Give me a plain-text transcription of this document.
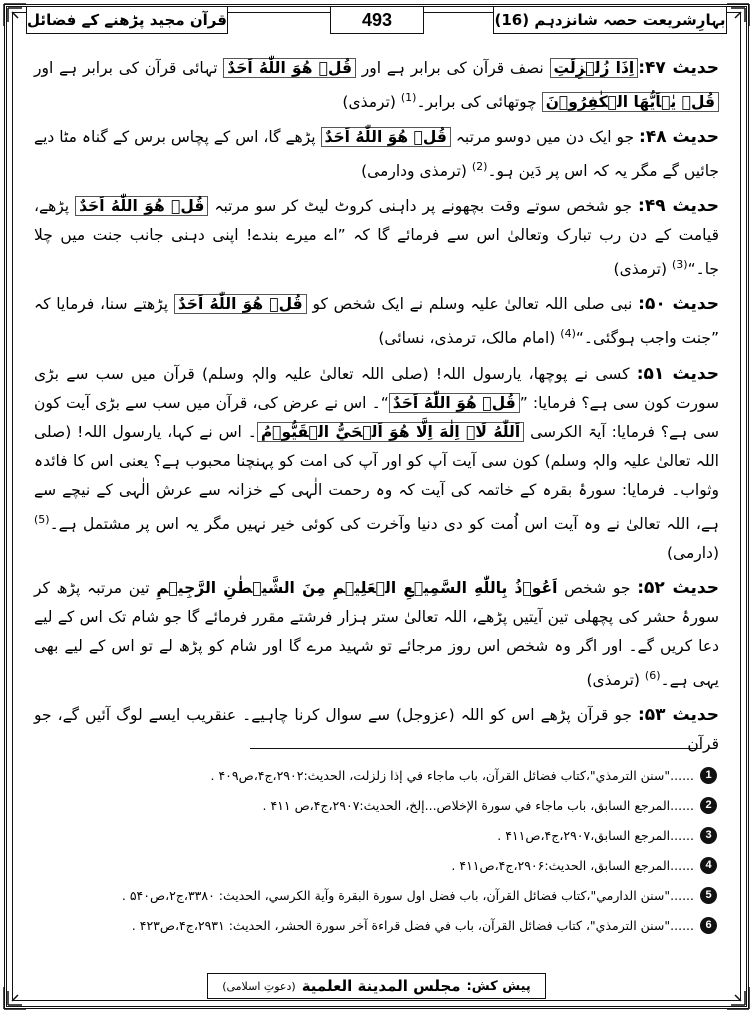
بہارِشریعت حصہ شانزدہم (16)
493
قرآن مجید پڑھنے کے فضائل

حدیث ۴۷:اِذَا زُلۡزِلَتِ نصف قرآن کی برابر ہے اور قُلۡ هُوَ اللّٰهُ اَحَدٌ تہائی قرآن کی برابر ہے اور قُلۡ يٰۤاَيُّهَا الۡكٰفِرُوۡنَ چوتھائی کی برابر۔$^{(1)}$ (ترمذی)

حدیث ۴۸: جو ایک دن میں دوسو مرتبہ قُلۡ هُوَ اللّٰهُ اَحَدٌ پڑھے گا، اس کے پچاس برس کے گناہ مٹا دیے جائیں گے مگر یہ کہ اس پر دَین ہو۔$^{(2)}$ (ترمذی ودارمی)

حدیث ۴۹: جو شخص سوتے وقت بچھونے پر داہنی کروٹ لیٹ کر سو مرتبہ قُلۡ هُوَ اللّٰهُ اَحَدٌ پڑھے، قیامت کے دن رب تبارک وتعالیٰ اس سے فرمائے گا کہ ”اے میرے بندے! اپنی دہنی جانب جنت میں چلا جا۔“$^{(3)}$ (ترمذی)

حدیث ۵۰: نبی صلی اللہ تعالیٰ علیہ وسلم نے ایک شخص کو قُلۡ هُوَ اللّٰهُ اَحَدٌ پڑھتے سنا، فرمایا کہ ”جنت واجب ہوگئی۔“$^{(4)}$ (امام مالک، ترمذی، نسائی)

حدیث ۵۱: کسی نے پوچھا، یارسول اللہ! (صلی اللہ تعالیٰ علیہ والہٖ وسلم) قرآن میں سب سے بڑی سورت کون سی ہے؟ فرمایا: ”قُلۡ هُوَ اللّٰهُ اَحَدٌ“۔ اس نے عرض کی، قرآن میں سب سے بڑی آیت کون سی ہے؟ فرمایا: آیۃ الکرسی اَللّٰهُ لَاۤ اِلٰهَ اِلَّا هُوَ اَلۡحَيُّ الۡقَيُّوۡمُ۔ اس نے کہا، یارسول اللہ! (صلی اللہ تعالیٰ علیہ والہٖ وسلم) کون سی آیت آپ کو اور آپ کی امت کو پہنچنا محبوب ہے؟ یعنی اس کا فائدہ وثواب۔ فرمایا: سورۂ بقرہ کے خاتمہ کی آیت کہ وہ رحمت الٰہی کے خزانہ سے عرش الٰہی کے نیچے سے ہے، اللہ تعالیٰ نے وہ آیت اس اُمت کو دی دنیا وآخرت کی کوئی خیر نہیں مگر یہ اس پر مشتمل ہے۔$^{(5)}$ (دارمی)

حدیث ۵۲: جو شخص اَعُوۡذُ بِاللّٰهِ السَّمِيۡعِ الۡعَلِيۡمِ مِنَ الشَّيۡطٰنِ الرَّجِيۡمِ تین مرتبہ پڑھ کر سورۂ حشر کی پچھلی تین آیتیں پڑھے، اللہ تعالیٰ ستر ہزار فرشتے مقرر فرمائے گا جو شام تک اس کے لیے دعا کریں گے۔ اور اگر وہ شخص اس روز مرجائے تو شہید مرے گا اور شام کو پڑھ لے تو اس کے لیے بھی یہی ہے۔$^{(6)}$ (ترمذی)

حدیث ۵۳: جو قرآن پڑھے اس کو اللہ (عزوجل) سے سوال کرنا چاہیے۔ عنقریب ایسے لوگ آئیں گے، جو قرآن

1
......"سنن الترمذي"،كتاب فضائل القرآن، باب ماجاء في إذا زلزلت، الحديث:۲۹۰۲،ج۴،ص۴۰۹ .
2
......المرجع السابق، باب ماجاء في سورة الإخلاص...إلخ، الحديث:۲۹۰۷،ج۴،ص ۴۱۱ .
3
......المرجع السابق،۲۹۰۷،ج۴،ص۴۱۱ .
4
......المرجع السابق، الحديث:۲۹۰۶،ج۴،ص۴۱۱ .
5
......"سنن الدارمي"،كتاب فضائل القرآن، باب فضل اول سورة البقرة وآية الكرسي، الحديث: ۳۳۸۰،ج۲،ص۵۴۰ .
6
......"سنن الترمذي"، كتاب فضائل القرآن، باب في فضل قراءة آخر سورة الحشر، الحديث: ۲۹۳۱،ج۴،ص۴۲۳ .
پیش کش:
مجلس المدينة العلمية
(دعوتِ اسلامی)
